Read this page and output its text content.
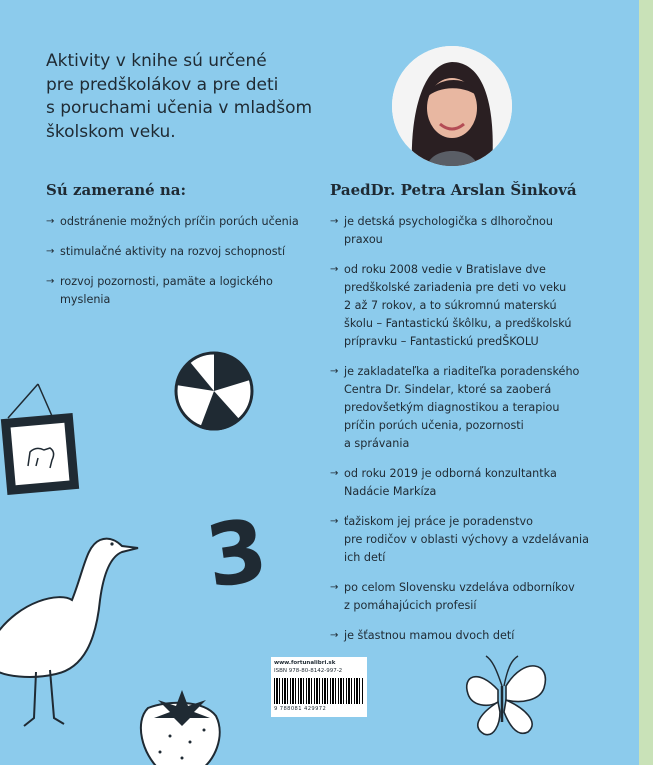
Aktivity v knihe sú určené
pre predškolákov a pre deti
s poruchami učenia v mladšom
školskom veku.
Sú zamerané na:	PaedDr. Petra Arslan Šinková
→ odstránenie možných príčin porúch učenia
→ stimulačné aktivity na rozvoj schopností
→ rozvoj pozornosti, pamäte a logického
myslenia
→ je detská psychologička s dlhoročnou
praxou
→ od roku 2008 vedie v Bratislave dve
predškolské zariadenia pre deti vo veku
2 až 7 rokov, a to súkromnú materskú
školu – Fantastickú škôlku, a predškolskú
prípravku – Fantastickú predŠKOLU
→ je zakladateľka a riaditeľka poradenského
Centra Dr. Sindelar, ktoré sa zaoberá
predovšetkým diagnostikou a terapiou
príčin porúch učenia, pozornosti
a správania
→ od roku 2019 je odborná konzultantka
Nadácie Markíza
→ ťažiskom jej práce je poradenstvo
pre rodičov v oblasti výchovy a vzdelávania
ich detí
→ po celom Slovensku vzdeláva odborníkov
z pomáhajúcich profesií
→ je šťastnou mamou dvoch detí
3
www.fortunalibri.sk
ISBN 978-80-8142-997-2
9 788081 429972
